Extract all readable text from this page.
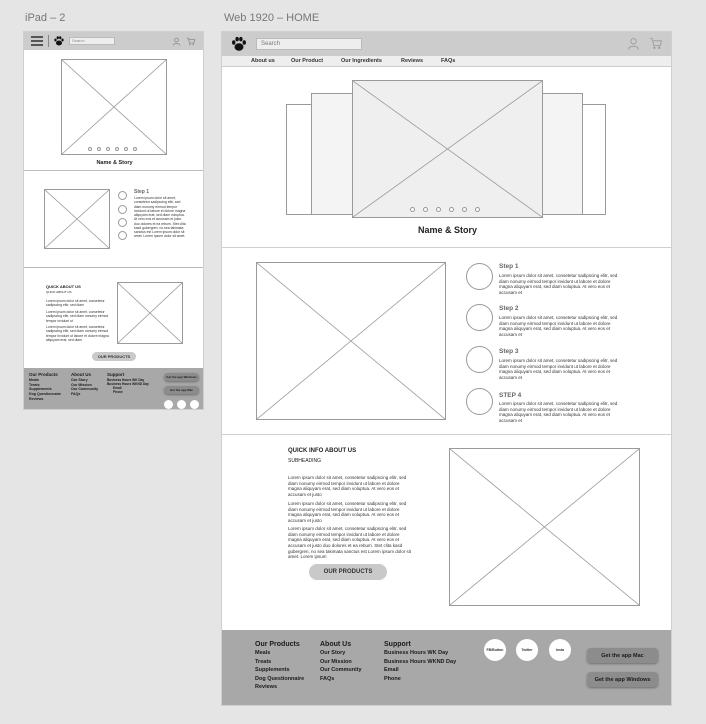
iPad – 2
Search
Name & Story
Step 1
Lorem ipsum dolor sit amet, consetetur sadipscing elitr, sed diam nonumy eirmod tempor invidunt ut labore et dolore magna aliquyam erat, sed diam voluptua. At vero eos et accusam et justo duo dolores et ea rebum. Stet clita kasd gubergren, no sea takimata sanctus est Lorem ipsum dolor sit amet. Lorem ipsum dolor sit amet.
QUICK ABOUT US
QUICK ABOUT US
Lorem ipsum dolor sit amet, consetetur sadipscing elitr, sed diam
Lorem ipsum dolor sit amet, consetetur sadipscing elitr, sed diam nonumy eirmod tempor invidunt ut
Lorem ipsum dolor sit amet, consetetur sadipscing elitr, sed diam nonumy eirmod tempor invidunt ut labore et dolore magna aliquyam erat, sed diam
OUR PRODUCTS
Our Products
Meals
Treats
Supplements
Dog Questionnaire
Reviews
About Us
Our Story
Our Mission
Our Community
FAQs
Support
Business Hours WK Day
Business Hours WKND Day
Email
Phone
Get the app Windows
Get the app Mac
Web 1920 – HOME
Search
About us	Our Product	Our Ingredients	Reviews	FAQs
Name & Story
Step 1
Lorem ipsum dolor sit amet, consetetur sadipscing elitr, sed diam nonumy eirmod tempor invidunt ut labore et dolore magna aliquyam erat, sed diam voluptua. At vero eos et accusam et
Step 2
Lorem ipsum dolor sit amet, consetetur sadipscing elitr, sed diam nonumy eirmod tempor invidunt ut labore et dolore magna aliquyam erat, sed diam voluptua. At vero eos et accusam et
Step 3
Lorem ipsum dolor sit amet, consetetur sadipscing elitr, sed diam nonumy eirmod tempor invidunt ut labore et dolore magna aliquyam erat, sed diam voluptua. At vero eos et accusam et
STEP 4
Lorem ipsum dolor sit amet, consetetur sadipscing elitr, sed diam nonumy eirmod tempor invidunt ut labore et dolore magna aliquyam erat, sed diam voluptua. At vero eos et accusam et
QUICK INFO ABOUT US
SUBHEADING
Lorem ipsum dolor sit amet, consetetur sadipscing elitr, sed diam nonumy eirmod tempor invidunt ut labore et dolore magna aliquyam erat, sed diam voluptua. At vero eos et accusam et justo
Lorem ipsum dolor sit amet, consetetur sadipscing elitr, sed diam nonumy eirmod tempor invidunt ut labore et dolore magna aliquyam erat, sed diam voluptua. At vero eos et accusam et justo
Lorem ipsum dolor sit amet, consetetur sadipscing elitr, sed diam nonumy eirmod tempor invidunt ut labore et dolore magna aliquyam erat, sed diam voluptua. At vero eos et accusam et justo duo dolores et ea rebum. Stet clita kasd gubergren, no sea takimata sanctus est Lorem ipsum dolor sit amet. Lorem ipsum
OUR PRODUCTS
Our Products
Meals
Treats
Supplements
Dog Questionnaire
Reviews
About Us
Our Story
Our Mission
Our Community
FAQs
Support
Business Hours WK Day
Business Hours WKND Day
Email
Phone
FB/Button	Twitter	Insta
Get the app Mac
Get the app Windows
